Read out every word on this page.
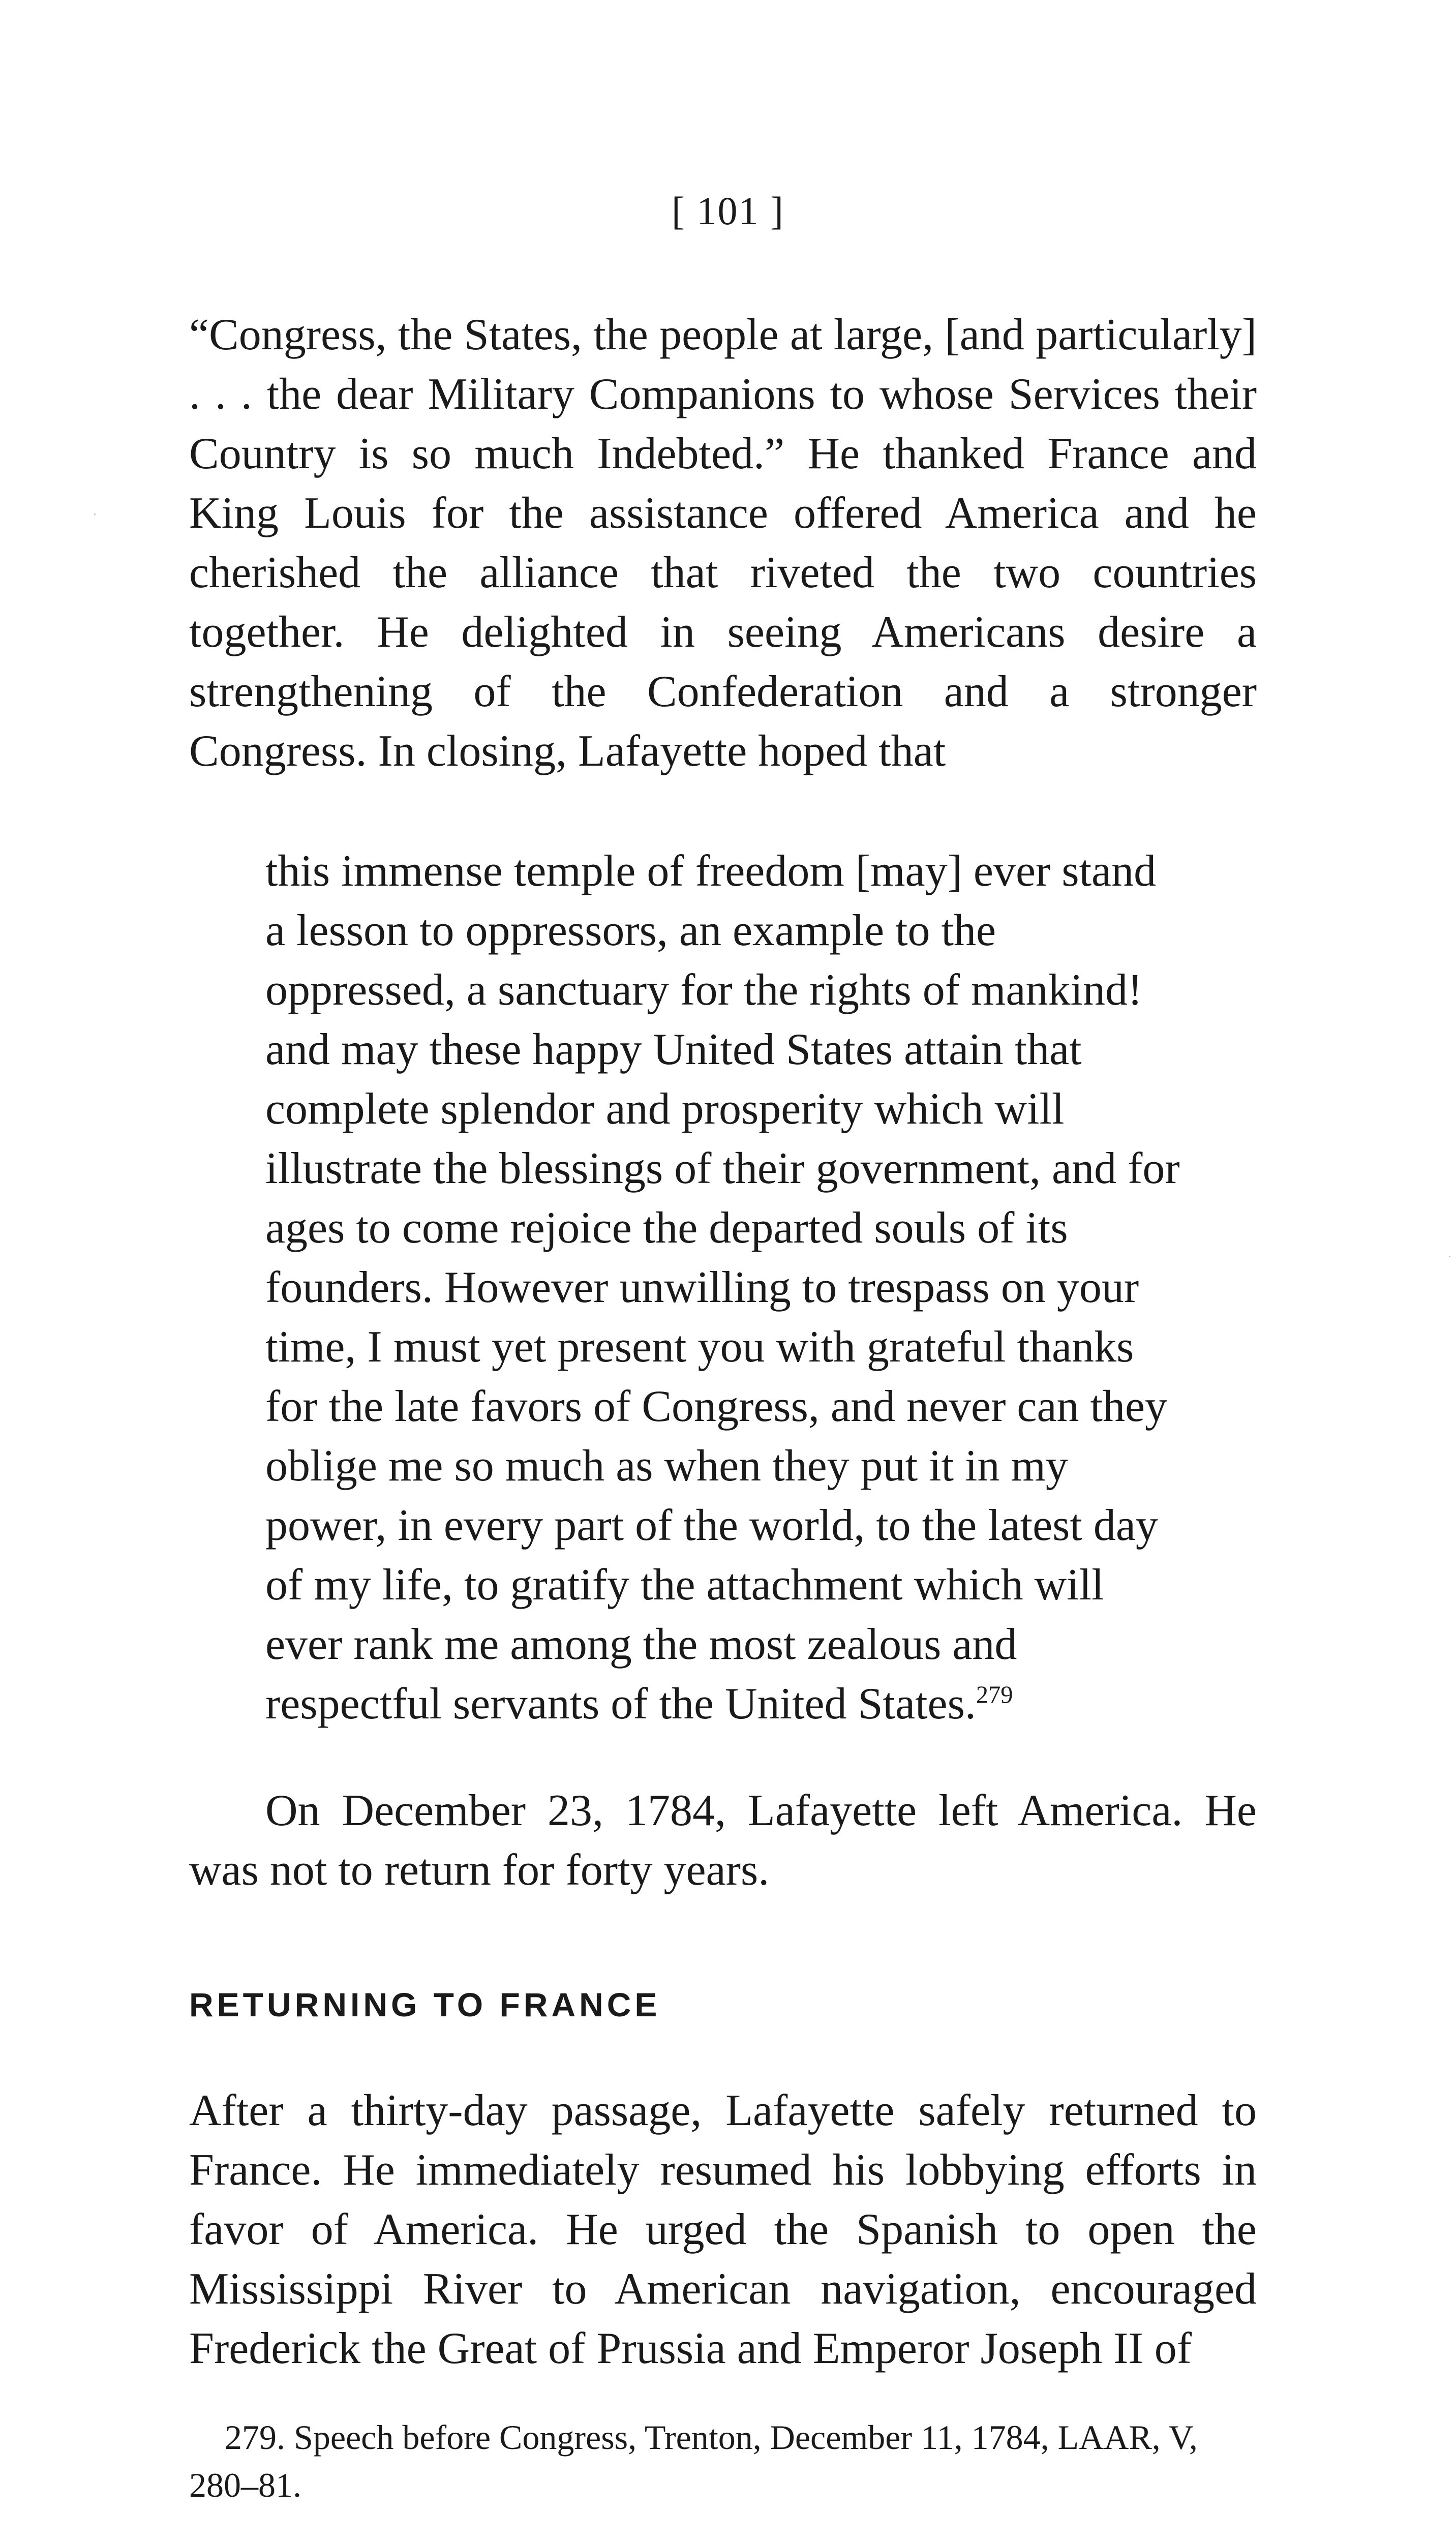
[ 101 ]

“Congress, the States, the people at large, [and particularly] . . . the dear Military Companions to whose Services their Country is so much Indebted.” He thanked France and King Louis for the assistance offered America and he cherished the alliance that riveted the two countries together. He delighted in seeing Americans desire a strengthening of the Confederation and a stronger Congress. In closing, Lafayette hoped that

this immense temple of freedom [may] ever stand a lesson to oppressors, an example to the oppressed, a sanctuary for the rights of mankind! and may these happy United States attain that complete splendor and prosperity which will illustrate the blessings of their government, and for ages to come rejoice the departed souls of its founders. However unwilling to trespass on your time, I must yet present you with grateful thanks for the late favors of Congress, and never can they oblige me so much as when they put it in my power, in every part of the world, to the latest day of my life, to gratify the attachment which will ever rank me among the most zealous and respectful servants of the United States.$^{279}$

On December 23, 1784, Lafayette left America. He was not to return for forty years.

RETURNING TO FRANCE

After a thirty-day passage, Lafayette safely returned to France. He immediately resumed his lobbying efforts in favor of America. He urged the Spanish to open the Mississippi River to American navigation, encouraged Frederick the Great of Prussia and Emperor Joseph II of

279. Speech before Congress, Trenton, December 11, 1784, LAAR, V, 280–81.
